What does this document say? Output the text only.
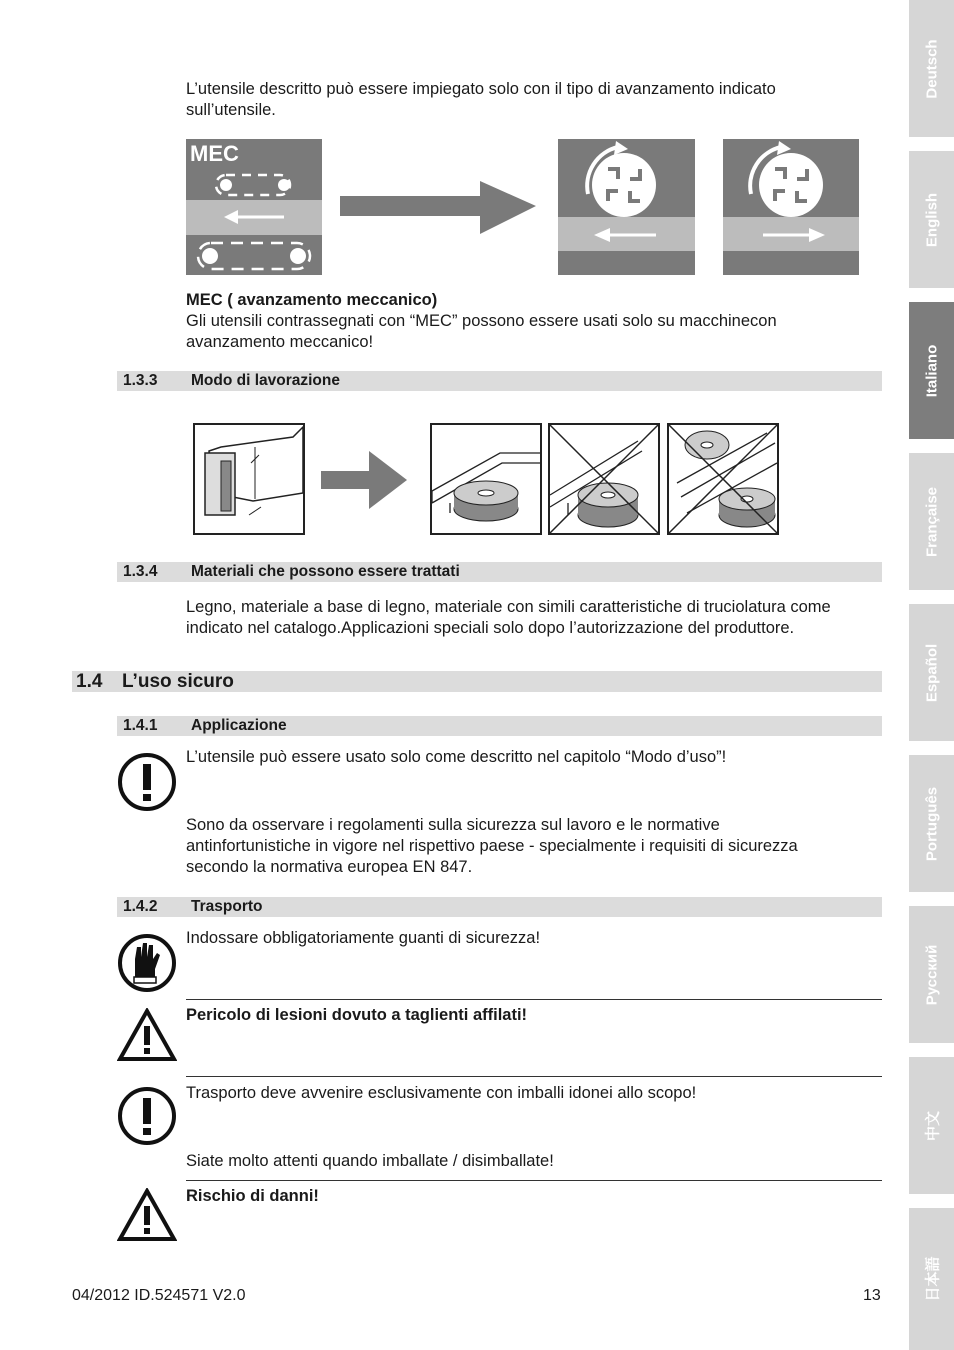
L’utensile descritto può essere impiegato solo con il tipo di avanzamento indicato
sull’utensile.
MEC
MEC ( avanzamento meccanico)
Gli utensili contrassegnati con “MEC” possono essere usati solo su macchinecon
avanzamento meccanico!
1.3.3 Modo di lavorazione
1.3.4 Materiali che possono essere trattati
Legno, materiale a base di legno, materiale con simili caratteristiche di truciolatura come
indicato nel catalogo.Applicazioni speciali solo dopo l’autorizzazione del produttore.
1.4 L’uso sicuro
1.4.1 Applicazione
L’utensile può essere usato solo come descritto nel capitolo “Modo d’uso”!
Sono da osservare i regolamenti sulla sicurezza sul lavoro e le normative
antinfortunistiche in vigore nel rispettivo paese - specialmente i requisiti di sicurezza
secondo la normativa europea EN 847.
1.4.2 Trasporto
Indossare obbligatoriamente guanti di sicurezza!
Pericolo di lesioni dovuto a taglienti affilati!
Trasporto deve avvenire esclusivamente con imballi idonei allo scopo!
Siate molto attenti quando imballate / disimballate!
Rischio di danni!
04/2012 ID.524571 V2.0	13
Deutsch
English
Italiano
Française
Español
Português
Русский
中文
日本語
